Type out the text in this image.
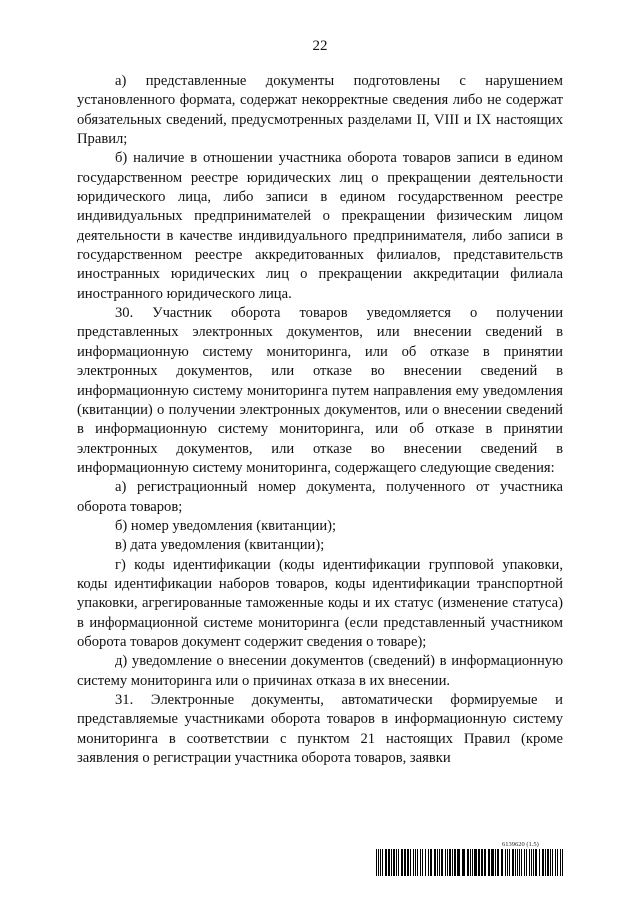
22

а) представленные документы подготовлены с нарушением установленного формата, содержат некорректные сведения либо не содержат обязательных сведений, предусмотренных разделами II, VIII и IX настоящих Правил;

б) наличие в отношении участника оборота товаров записи в едином государственном реестре юридических лиц о прекращении деятельности юридического лица, либо записи в едином государственном реестре индивидуальных предпринимателей о прекращении физическим лицом деятельности в качестве индивидуального предпринимателя, либо записи в государственном реестре аккредитованных филиалов, представительств иностранных юридических лиц о прекращении аккредитации филиала иностранного юридического лица.

30. Участник оборота товаров уведомляется о получении представленных электронных документов, или внесении сведений в информационную систему мониторинга, или об отказе в принятии электронных документов, или отказе во внесении сведений в информационную систему мониторинга путем направления ему уведомления (квитанции) о получении электронных документов, или о внесении сведений в информационную систему мониторинга, или об отказе в принятии электронных документов, или отказе во внесении сведений в информационную систему мониторинга, содержащего следующие сведения:

а) регистрационный номер документа, полученного от участника оборота товаров;

б) номер уведомления (квитанции);

в) дата уведомления (квитанции);

г) коды идентификации (коды идентификации групповой упаковки, коды идентификации наборов товаров, коды идентификации транспортной упаковки, агрегированные таможенные коды и их статус (изменение статуса) в информационной системе мониторинга (если представленный участником оборота товаров документ содержит сведения о товаре);

д) уведомление о внесении документов (сведений) в информационную систему мониторинга или о причинах отказа в их внесении.

31. Электронные документы, автоматически формируемые и представляемые участниками оборота товаров в информационную систему мониторинга в соответствии с пунктом 21 настоящих Правил (кроме заявления о регистрации участника оборота товаров, заявки

6139620 (1.5)
